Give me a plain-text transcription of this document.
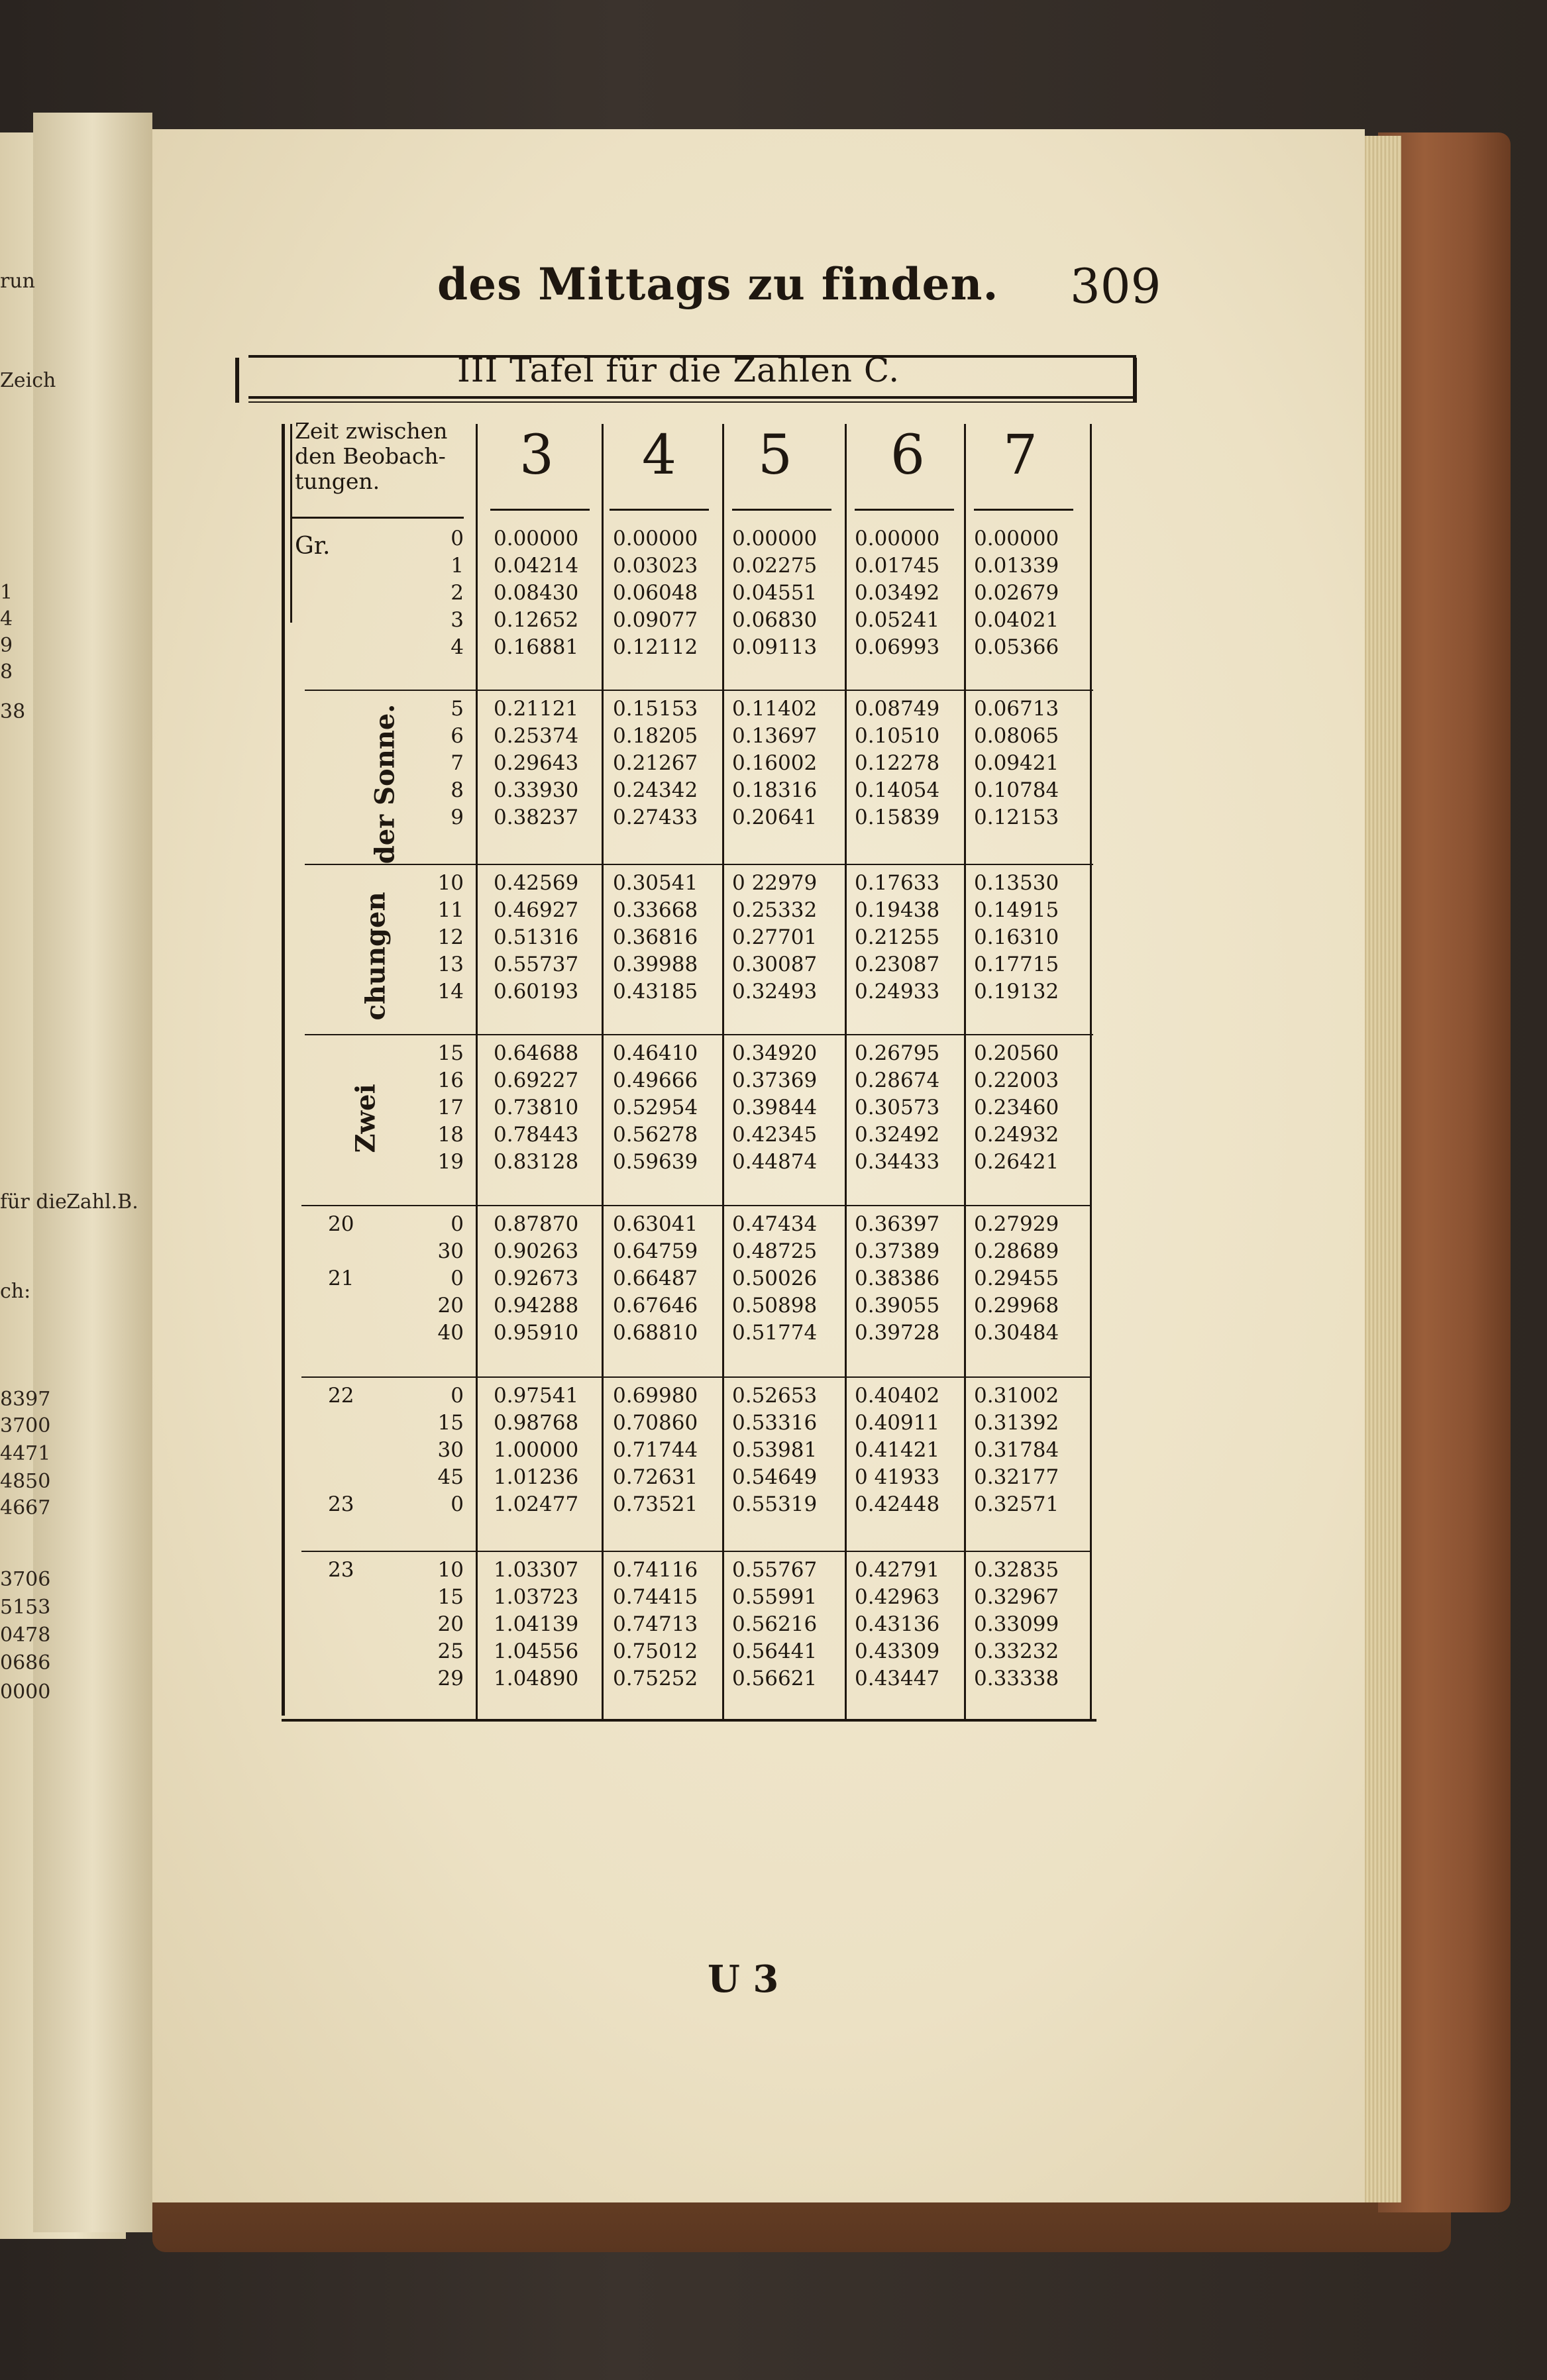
run
Zeich
für die Zahl.B.
ch:
8397
3700
4471
4850
4667
3706
5153
0478
0686
0000
1
4
9
8
38
des Mittags zu finden. 309
III Tafel für die Zahlen C.
Zeit zwischen
den Beobach-
tungen.	3	4	5	6	7
Gr.
der Sonne.
chungen
Zwei
0 0.00000 0.00000 0.00000 0.00000 0.00000
1 0.04214 0.03023 0.02275 0.01745 0.01339
2 0.08430 0.06048 0.04551 0.03492 0.02679
3 0.12652 0.09077 0.06830 0.05241 0.04021
4 0.16881 0.12112 0.09113 0.06993 0.05366
5 0.21121 0.15153 0.11402 0.08749 0.06713
6 0.25374 0.18205 0.13697 0.10510 0.08065
7 0.29643 0.21267 0.16002 0.12278 0.09421
8 0.33930 0.24342 0.18316 0.14054 0.10784
9 0.38237 0.27433 0.20641 0.15839 0.12153
10 0.42569 0.30541 0 22979 0.17633 0.13530
11 0.46927 0.33668 0.25332 0.19438 0.14915
12 0.51316 0.36816 0.27701 0.21255 0.16310
13 0.55737 0.39988 0.30087 0.23087 0.17715
14 0.60193 0.43185 0.32493 0.24933 0.19132
15 0.64688 0.46410 0.34920 0.26795 0.20560
16 0.69227 0.49666 0.37369 0.28674 0.22003
17 0.73810 0.52954 0.39844 0.30573 0.23460
18 0.78443 0.56278 0.42345 0.32492 0.24932
19 0.83128 0.59639 0.44874 0.34433 0.26421
20	0 0.87870 0.63041 0.47434 0.36397 0.27929
30 0.90263 0.64759 0.48725 0.37389 0.28689
21	0 0.92673 0.66487 0.50026 0.38386 0.29455
20 0.94288 0.67646 0.50898 0.39055 0.29968
40 0.95910 0.68810 0.51774 0.39728 0.30484
22	0 0.97541 0.69980 0.52653 0.40402 0.31002
15 0.98768 0.70860 0.53316 0.40911 0.31392
30 1.00000 0.71744 0.53981 0.41421 0.31784
45 1.01236 0.72631 0.54649 0 41933 0.32177
23	0 1.02477 0.73521 0.55319 0.42448 0.32571
23	10 1.03307 0.74116 0.55767 0.42791 0.32835
15 1.03723 0.74415 0.55991 0.42963 0.32967
20 1.04139 0.74713 0.56216 0.43136 0.33099
25 1.04556 0.75012 0.56441 0.43309 0.33232
29 1.04890 0.75252 0.56621 0.43447 0.33338
U 3
